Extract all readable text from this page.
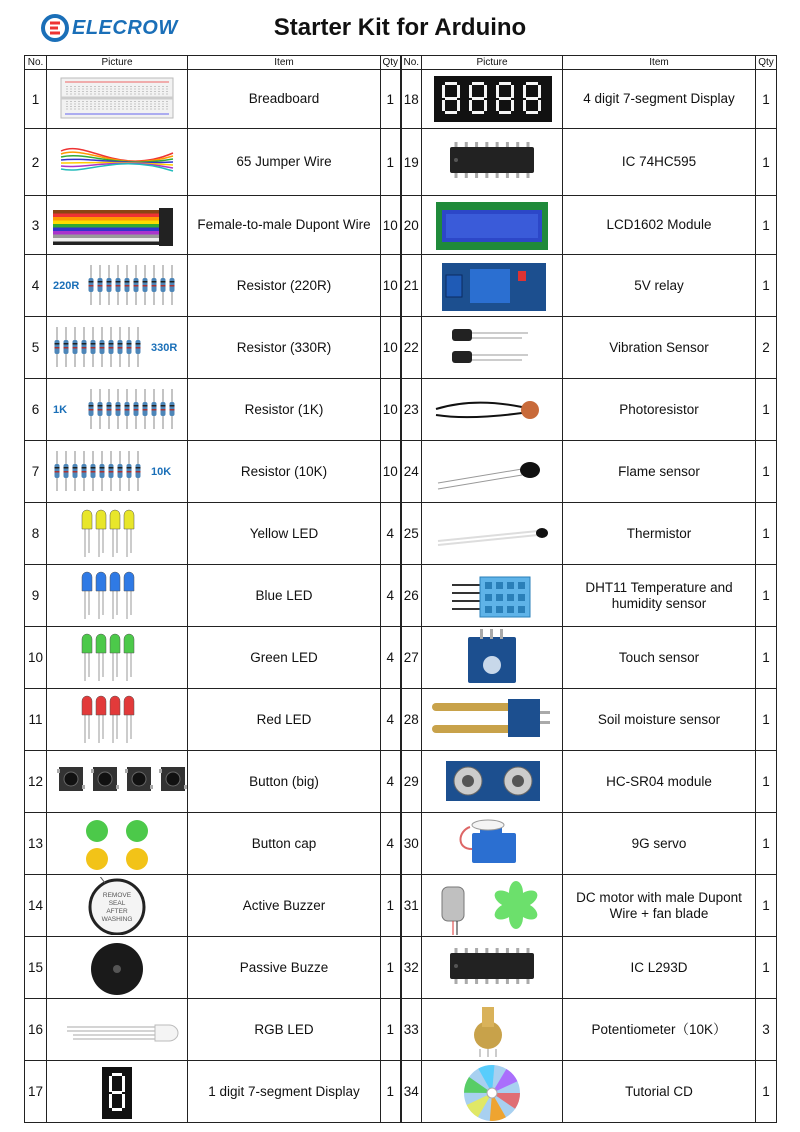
ELECROW	Starter Kit for Arduino
No.	Picture	Item	Qty	No.	Picture	Item	Qty
1		Breadboard	1	18		4 digit 7-segment Display	1
2		65 Jumper Wire	1	19		IC 74HC595	1
3		Female-to-male Dupont Wire	10	20		LCD1602 Module	1
4	220R	Resistor (220R)	10	21		5V relay	1
5	330R	Resistor (330R)	10	22		Vibration Sensor	2
6	1K	Resistor (1K)	10	23		Photoresistor	1
7	10K	Resistor (10K)	10	24		Flame sensor	1
8		Yellow LED	4	25		Thermistor	1
9		Blue LED	4	26		DHT11 Temperature and humidity sensor	1
10		Green LED	4	27		Touch sensor	1
11		Red LED	4	28		Soil moisture sensor	1
12		Button (big)	4	29		HC-SR04 module	1
13		Button cap	4	30		9G servo	1
14	REMOVE
SEAL
AFTER
WASHING	Active Buzzer	1	31		DC motor with male Dupont Wire + fan blade	1
15		Passive Buzze	1	32		IC L293D	1
16		RGB LED	1	33		Potentiometer（10K）	3
17		1 digit 7-segment Display	1	34		Tutorial CD	1
